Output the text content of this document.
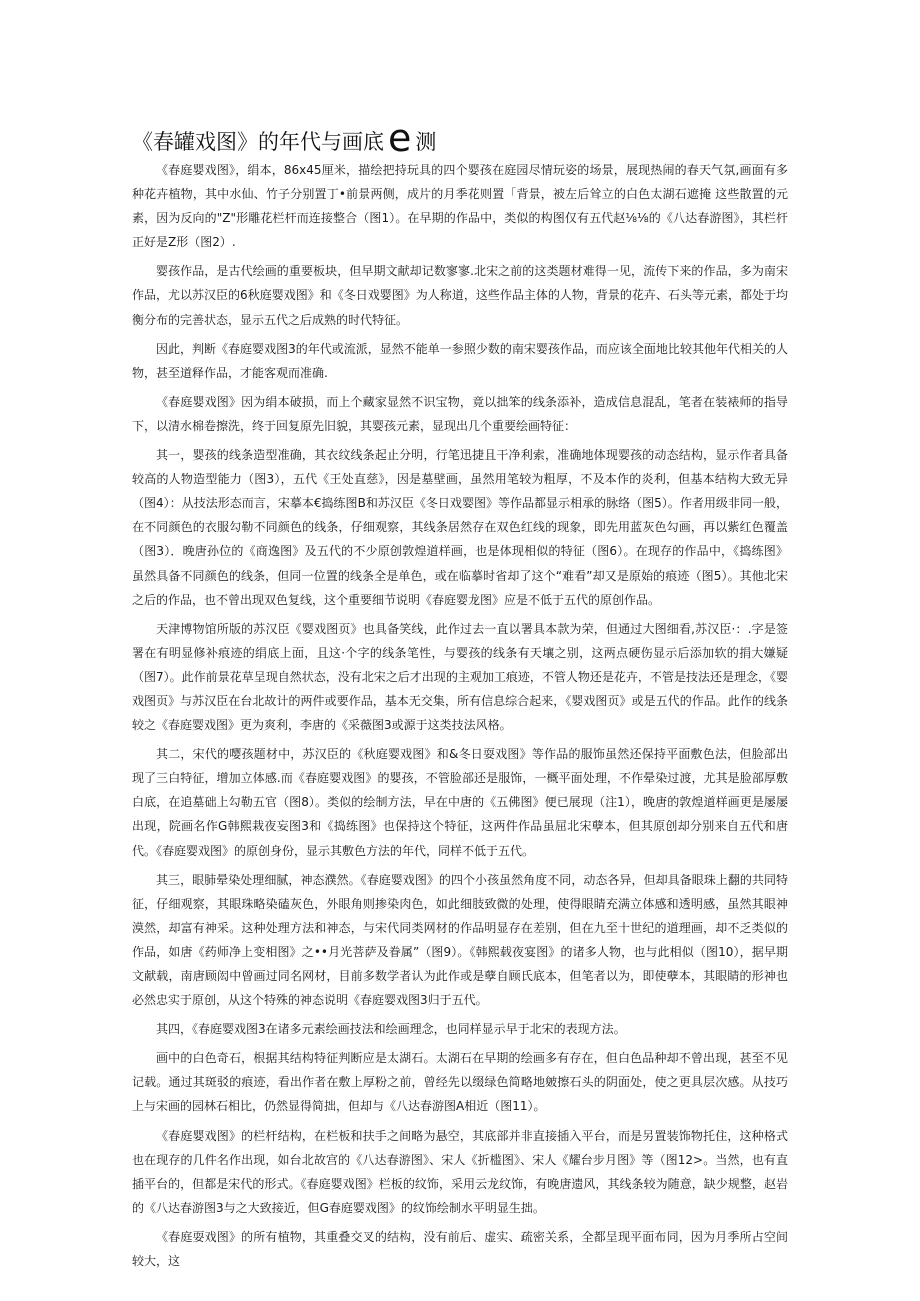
《春罐戏图》的年代与画底 e 测

《春庭婴戏图》，绢本，86x45厘米，描绘把持玩具的四个婴孩在庭园尽情玩姿的场景，展现热闹的春天气氛,画面有多种花卉植物，其中水仙、竹子分别置丁•前景两侧，成片的月季花则置「背景，被左后耸立的白色太湖石遮掩 这些散置的元素，因为反向的"Z"形雕花栏杆而连接整合（图1）。在早期的作品中，类似的构图仅有五代赵⅛⅛的《八达春游图》，其栏杆正好是Z形（图2）.

婴孩作品，是古代绘画的重要板块，但早期文献却记数寥寥.北宋之前的这类题材难得一见，流传下来的作品，多为南宋作品，尤以苏汉臣的6秋庭婴戏图》和《冬日戏婴图》为人称道，这些作品主体的人物，背景的花卉、石头等元素，都处于均衡分布的完善状态，显示五代之后成熟的时代特征。

因此，判断《春庭婴戏图3的年代或流派，显然不能单一参照少数的南宋婴孩作品，而应该全面地比较其他年代相关的人物，甚至道释作品，才能客观而准确.

《春庭婴戏图》因为绢本破损，而上个藏家显然不识宝物，竟以拙笨的线条添补，造成信息混乱，笔者在装裱师的指导下，以清水棉卷擦洗，终于回复原先旧貌，其婴孩元素，显现出几个重要绘画特征：

其一，婴孩的线条造型准确，其衣纹线条起止分明，行笔迅捷且干净利索，准确地体现婴孩的动态结构，显示作者具备较高的人物造型能力（图3），五代《王处直慈》，因是墓壁画，虽然用笔较为粗厚，不及本作的炎利，但基本结构大致无异（图4）：从技法形态而言，宋摹本€捣练图B和苏汉臣《冬日戏婴图》等作品都显示相承的脉络（图5）。作者用级非同一般，在不同颜色的衣服勾勒不同颜色的线条，仔细观察，其线条居然存在双色红线的现象，即先用蓝灰色勾画，再以紫红色覆盖（图3）．晚唐孙位的《商逸图》及五代的不少原创敦煌道样画，也是体现相似的特征（图6）。在现存的作品中，《捣练图》虽然具备不同颜色的线条，但同一位置的线条全是单色，或在临摹时省却了这个“难看”却又是原始的痕迹（图5）。其他北宋之后的作品，也不曾出现双色复线，这个重要细节说明《春庭婴龙图》应是不低于五代的原创作品。

天津博物馆所版的苏汉臣《婴戏图页》也具备笑线，此作过去一直以署具本款为荣，但通过大图细看,苏汉臣·：.字是签署在有明显修补痕迹的绢底上面，且这·个字的线条笔性，与婴孩的线条有天壤之别，这两点硬伤显示后添加软的捐大嫌疑（图7）。此作前景花草呈现自然状态，没有北宋之后才出现的主观加工痕迹，不管人物还是花卉，不管是技法还是理念，《婴戏图页》与苏汉臣在台北故计的两件或要作品，基本无交集，所有信息综合起来，《婴戏图页》或是五代的作品。此作的线条较之《春庭婴戏图》更为爽利，李唐的《采薇图3或源于这类技法风格。

其二，宋代的嘤孩题材中，苏汉臣的《秋庭婴戏图》和&冬日耍戏图》等作品的服饰虽然还保持平面敷色法，但脸部出现了三白特征，增加立体感.而《春庭婴戏图》的婴孩，不管脸部还是服饰，一概平面处理，不作晕染过渡，尤其是脸部厚敷白底，在追墓础上勾勒五官（图8）。类似的绘制方法，早在中唐的《五佛图》便已展现（注1），晚唐的敦煌道样画更是屡屡出现，院画名作G韩熙栽夜妄图3和《捣练图》也保持这个特征，这两件作品虽屈北宋孽本，但其原创却分别来自五代和唐代。《春庭婴戏图》的原创身份，显示其敷色方法的年代，同样不低于五代。

其三，眼肺晕染处理细腻，神态濮然。《春庭婴戏图》的四个小孩虽然角度不同，动态各异，但却具备眼珠上翻的共同特征，仔细观察，其眼珠略染磕灰色，外眼角则掺染肉色，如此细肢致微的处理，使得眼睛充满立体感和透明感，虽然其眼神漠然，却富有神采。这种处理方法和神态，与宋代同类网材的作品明显存在差别，但在九至十世纪的道理画，却不乏类似的作品，如唐《药师净上变相图》之••月光菩萨及眷属”（图9）。《韩熙载夜宴图》的诸多人物，也与此相似（图10），据早期文献载，南唐顾闳中曾画过同名网材，目前多数学者认为此作或是孽自顾氏底本，但笔者以为，即使孽本，其眼睛的形神也必然忠实于原创，从这个特殊的神态说明《春庭婴戏图3归于五代。

其四，《春庭婴戏图3在诸多元素绘画技法和绘画理念，也同样显示早于北宋的表现方法。

画中的白色奇石，根据其结构特征判断应是太湖石。太湖石在早期的绘画多有存在，但白色品种却不曾出现，甚至不见记载。通过其斑驳的痕迹，看出作者在敷上厚粉之前，曾经先以缀绿色简略地皴擦石头的阴面处，使之更具层次感。从技巧上与宋画的园林石相比，仍然显得简拙，但却与《八达春游图A相近（图11）。

《春庭婴戏图》的栏杆结构，在栏板和扶手之间略为悬空，其底部并非直接插入平台，而是另置装饰物托住，这种格式也在现存的几件名作出现，如台北故宫的《八达春游图》、宋人《折槛图》、宋人《耀台步月图》等（图12>。当然，也有直插平台的，但都是宋代的形式。《春庭婴戏图》栏板的纹饰，采用云龙纹饰，有晚唐遗风，其线条较为随意，缺少规整，赵岩的《八达春游图3与之大致接近，但G春庭婴戏图》的纹饰绘制水平明显生拙。

《春庭耍戏图》的所有植物，其重叠交叉的结构，没有前后、虚实、疏密关系，全都呈现平面布同，因为月季所占空间较大，这
